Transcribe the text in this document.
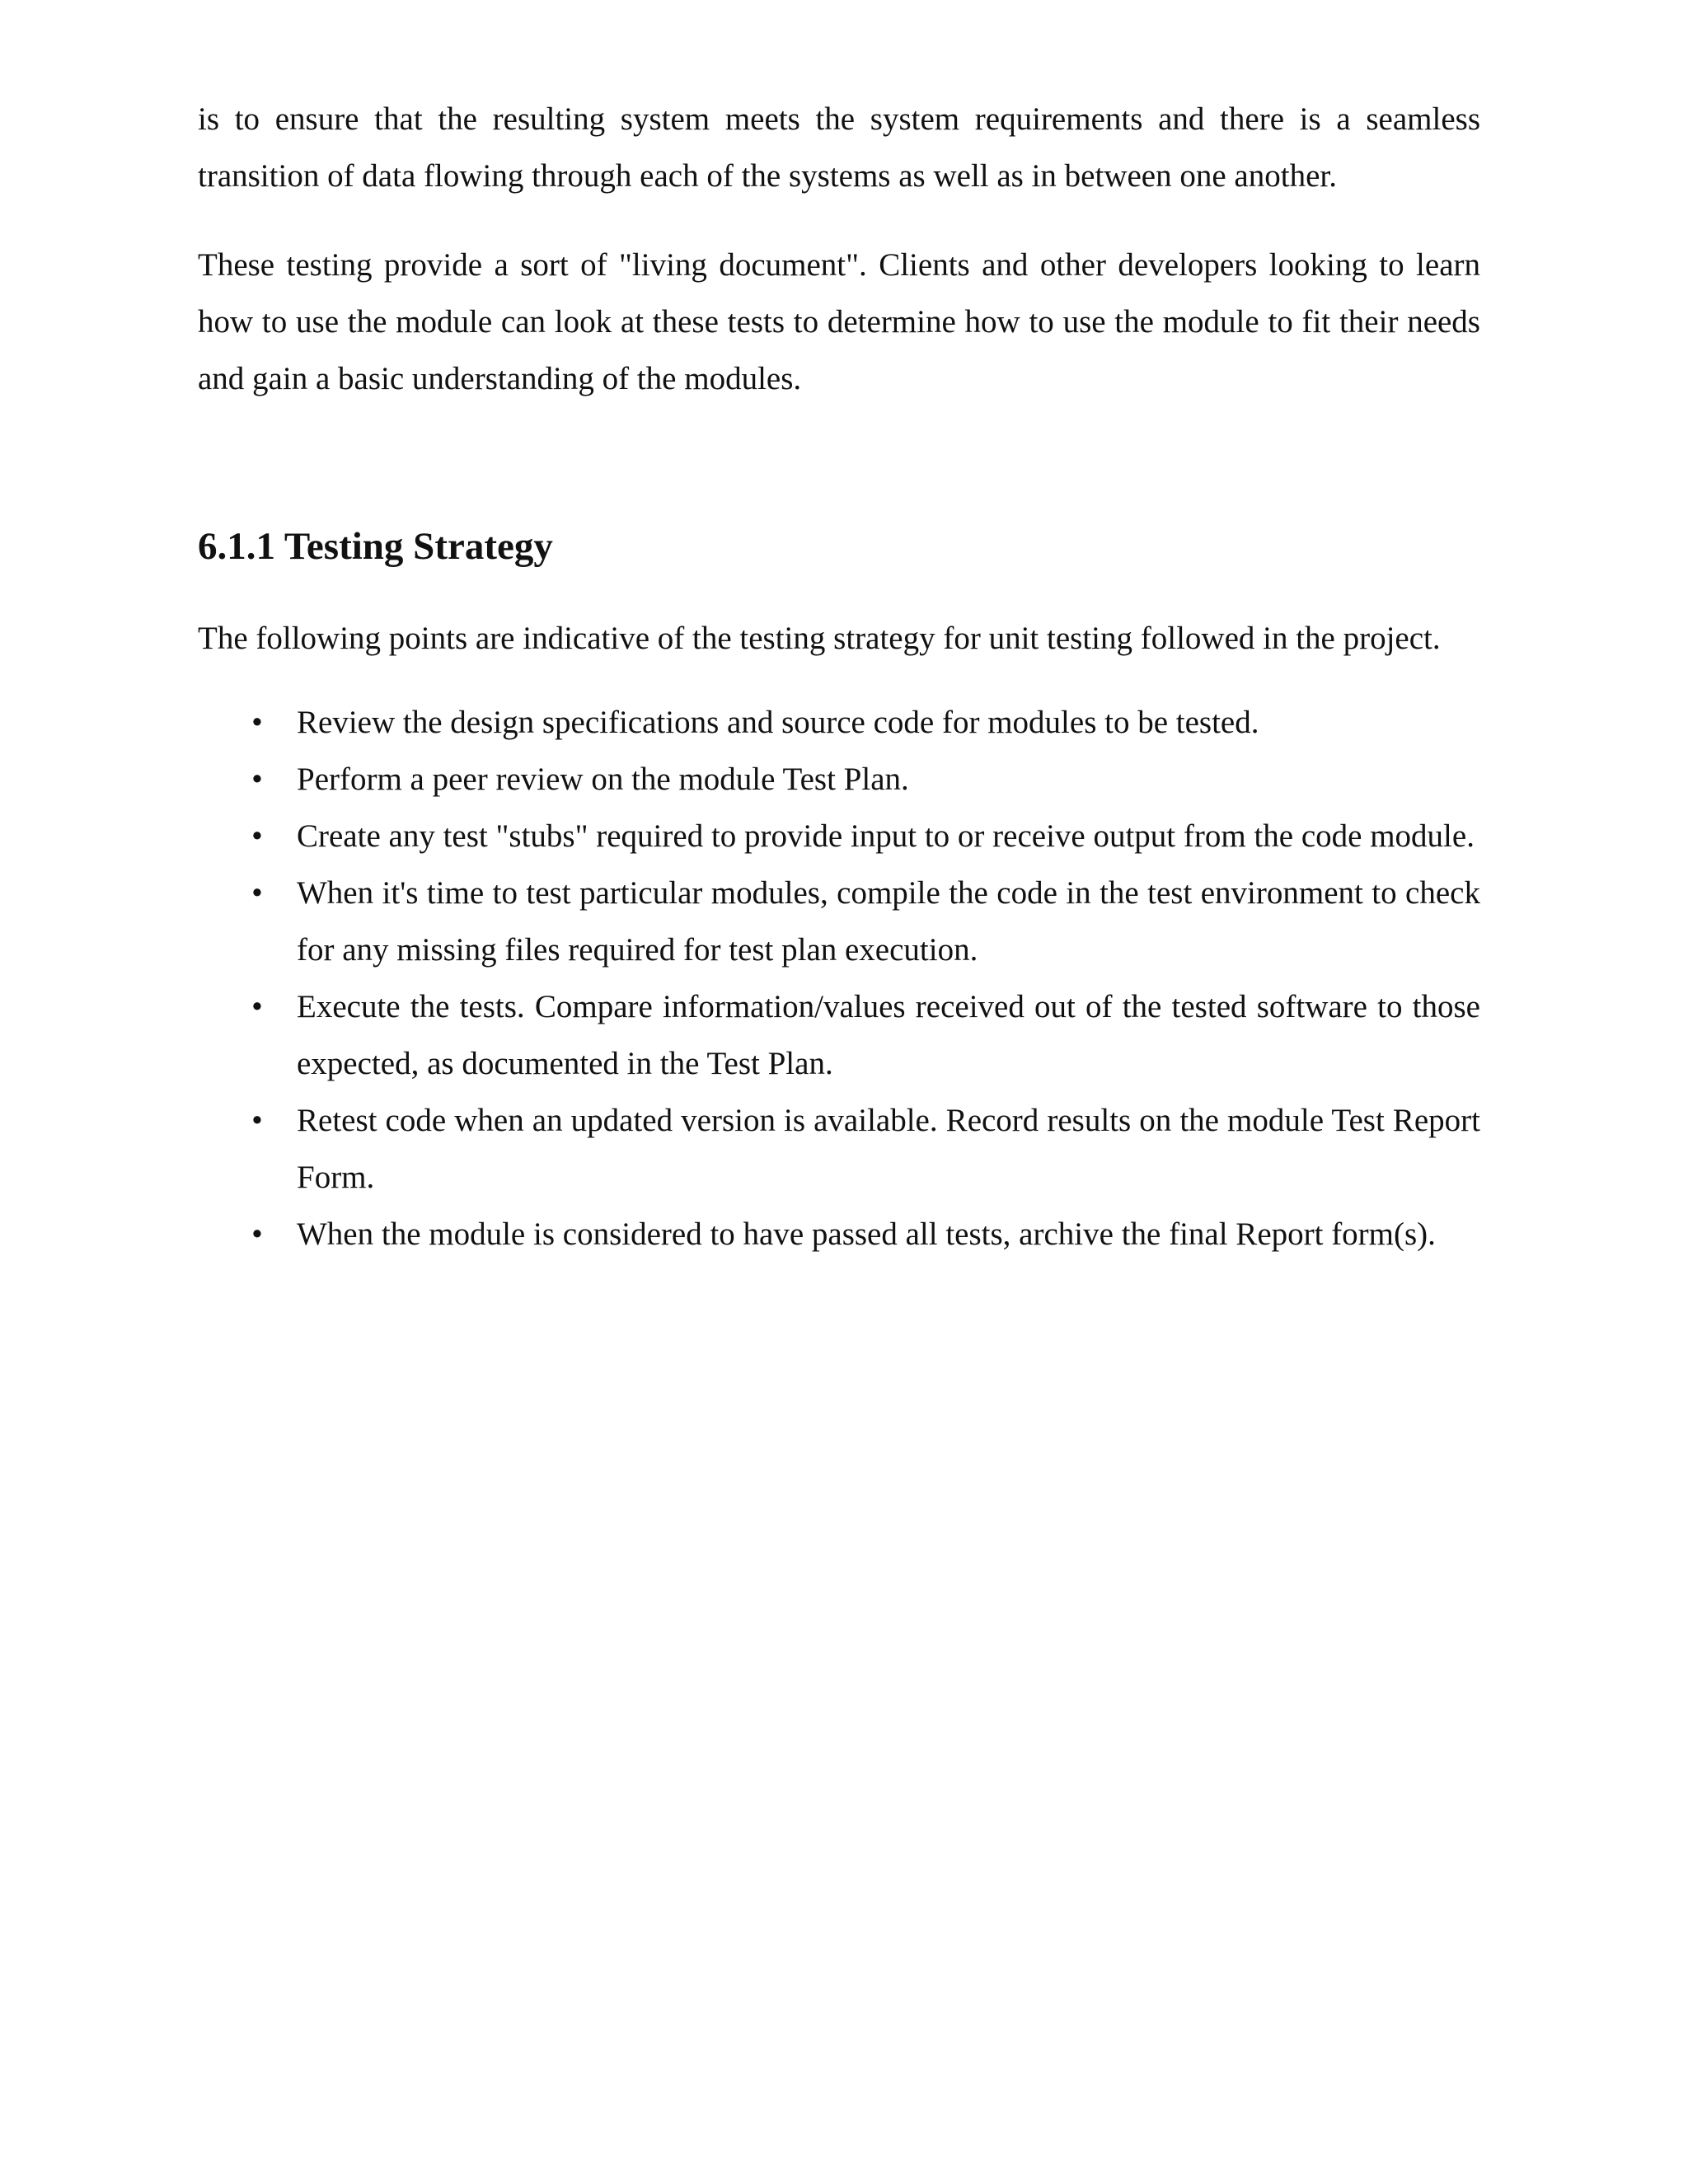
is to ensure that the resulting system meets the system requirements and there is a seamless transition of data flowing through each of the systems as well as in between one another.

These testing provide a sort of "living document". Clients and other developers looking to learn how to use the module can look at these tests to determine how to use the module to fit their needs and gain a basic understanding of the modules.

6.1.1 Testing Strategy

The following points are indicative of the testing strategy for unit testing followed in the project.

• Review the design specifications and source code for modules to be tested.
• Perform a peer review on the module Test Plan.
• Create any test "stubs" required to provide input to or receive output from the code module.
• When it's time to test particular modules, compile the code in the test environment to check for any missing files required for test plan execution.
• Execute the tests. Compare information/values received out of the tested software to those expected, as documented in the Test Plan.
• Retest code when an updated version is available. Record results on the module Test Report Form.
• When the module is considered to have passed all tests, archive the final Report form(s).
